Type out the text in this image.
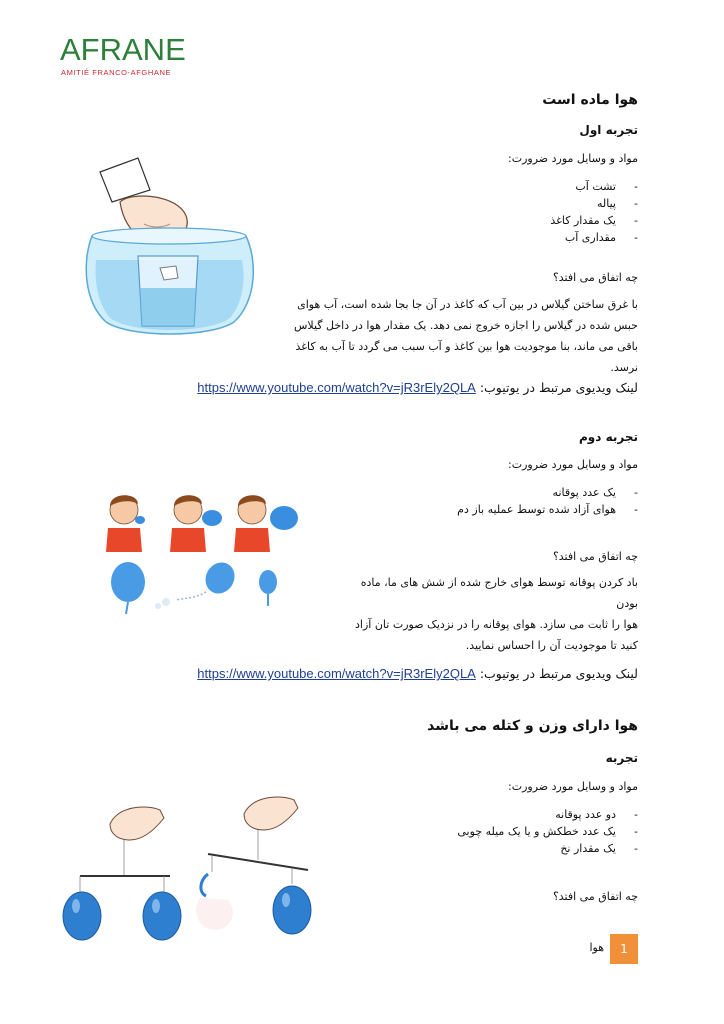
AFRANE
AMITIÉ FRANCO-AFGHANE
هوا ماده است
تجربه اول
مواد و وسایل مورد ضرورت:
-تشت آب
-پیاله
-یک مقدار کاغذ
-مقداری آب
چه اتفاق می افتد؟
با غرق ساختن گیلاس در بین آب که کاغذ در آن جا بجا شده است، آب هوای
حبس شده در گیلاس را اجازه خروج نمی دهد. یک مقدار هوا در داخل گیلاس
باقی می ماند، بنا موجودیت هوا بین کاغذ و آب سبب می گردد تا آب به کاغذ
نرسد.
لینک ویدیوی مرتبط در یوتیوب: https://www.youtube.com/watch?v=jR3rEly2QLA
تجربه دوم
مواد و وسایل مورد ضرورت:
-یک عدد پوقانه
-هوای آزاد شده توسط عملیه باز دم
چه اتفاق می افتد؟
باد کردن پوقانه توسط هوای خارج شده از شش های ما، ماده بودن
هوا را ثابت می سازد. هوای پوقانه را در نزدیک صورت تان آزاد
کنید تا موجودیت آن را احساس نمایید.
لینک ویدیوی مرتبط در یوتیوب: https://www.youtube.com/watch?v=jR3rEly2QLA
هوا دارای وزن و کتله می باشد
تجربه
مواد و وسایل مورد ضرورت:
-دو عدد پوقانه
-یک عدد خطکش و یا یک میله چوبی
-یک مقدار نخ
چه اتفاق می افتد؟
هوا	1
